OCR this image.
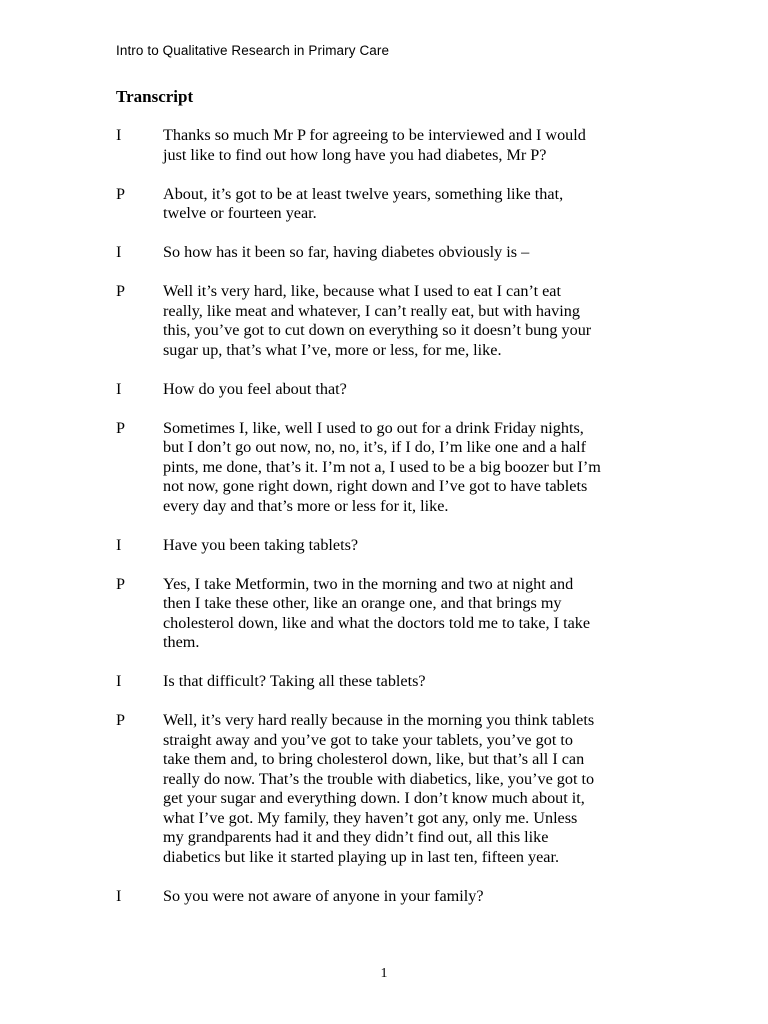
Intro to Qualitative Research in Primary Care
Transcript
I	Thanks so much Mr P for agreeing to be interviewed and I would
just like to find out how long have you had diabetes, Mr P?
P	About, it’s got to be at least twelve years, something like that,
twelve or fourteen year.
I	So how has it been so far, having diabetes obviously is –
P	Well it’s very hard, like, because what I used to eat I can’t eat
really, like meat and whatever, I can’t really eat, but with having
this, you’ve got to cut down on everything so it doesn’t bung your
sugar up, that’s what I’ve, more or less, for me, like.
I	How do you feel about that?
P	Sometimes I, like, well I used to go out for a drink Friday nights,
but I don’t go out now, no, no, it’s, if I do, I’m like one and a half
pints, me done, that’s it. I’m not a, I used to be a big boozer but I’m
not now, gone right down, right down and I’ve got to have tablets
every day and that’s more or less for it, like.
I	Have you been taking tablets?
P	Yes, I take Metformin, two in the morning and two at night and
then I take these other, like an orange one, and that brings my
cholesterol down, like and what the doctors told me to take, I take
them.
I	Is that difficult? Taking all these tablets?
P	Well, it’s very hard really because in the morning you think tablets
straight away and you’ve got to take your tablets, you’ve got to
take them and, to bring cholesterol down, like, but that’s all I can
really do now. That’s the trouble with diabetics, like, you’ve got to
get your sugar and everything down. I don’t know much about it,
what I’ve got. My family, they haven’t got any, only me. Unless
my grandparents had it and they didn’t find out, all this like
diabetics but like it started playing up in last ten, fifteen year.
I	So you were not aware of anyone in your family?
1
